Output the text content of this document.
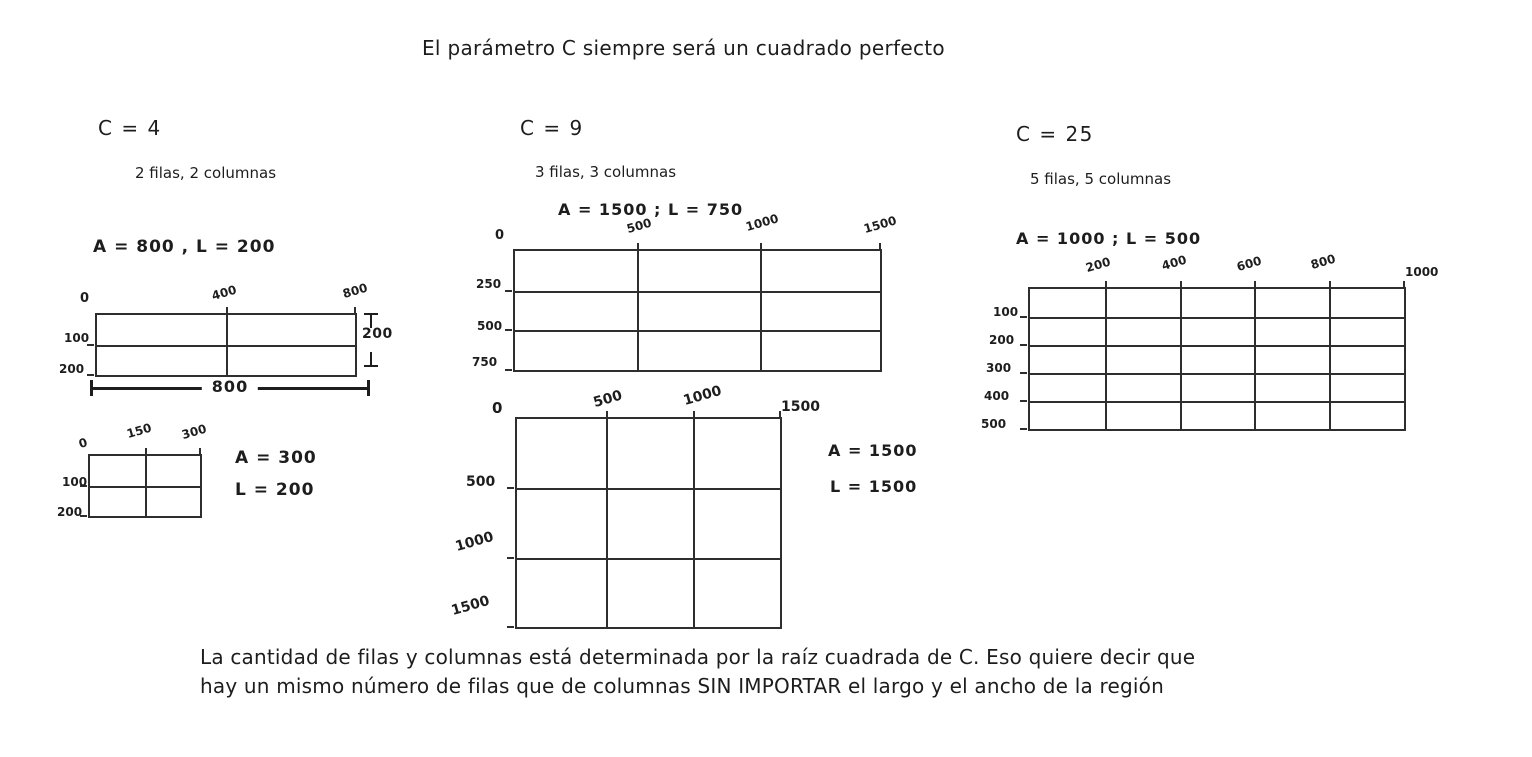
El parámetro C siempre será un cuadrado perfecto
C = 4
2 filas, 2 columnas
A = 800 , L = 200
0	400	800
100
200
200
800
0
150 300
100
200
A = 300
L = 200
C = 9
3 filas, 3 columnas
A = 1500 ; L = 750
0	500	1000	1500
250
500
750
0	500	1000	1500
500
1000
1500
A = 1500
L = 1500
C = 25
5 filas, 5 columnas
A = 1000 ; L = 500
200	400	600	800	1000
100
200
300
400
500
La cantidad de filas y columnas está determinada por la raíz cuadrada de C. Eso quiere decir que
hay un mismo número de filas que de columnas SIN IMPORTAR el largo y el ancho de la región
